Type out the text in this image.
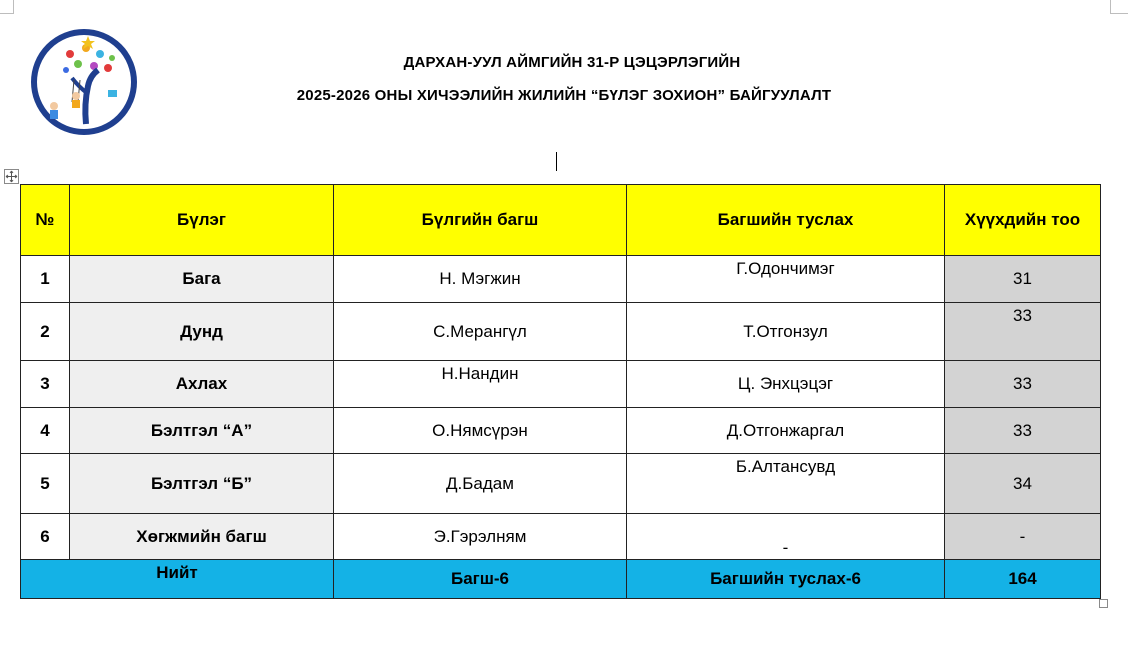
ДАРХАН-УУЛ АЙМГИЙН 31-Р ЦЭЦЭРЛЭГИЙН
2025-2026 ОНЫ ХИЧЭЭЛИЙН ЖИЛИЙН “БҮЛЭГ ЗОХИОН” БАЙГУУЛАЛТ
№	Бүлэг	Бүлгийн багш	Багшийн туслах	Хүүхдийн тоо
1	Бага	Н. Мэгжин	Г.Одончимэг	31
2	Дунд	С.Мерангүл	Т.Отгонзул	33
3	Ахлах	Н.Нандин	Ц. Энхцэцэг	33
4	Бэлтгэл “А”	О.Нямсүрэн	Д.Отгонжаргал	33
5	Бэлтгэл “Б”	Д.Бадам	Б.Алтансувд	34
6	Хөгжмийн багш	Э.Гэрэлням	-	-
Нийт		Багш-6	Багшийн туслах-6	164
